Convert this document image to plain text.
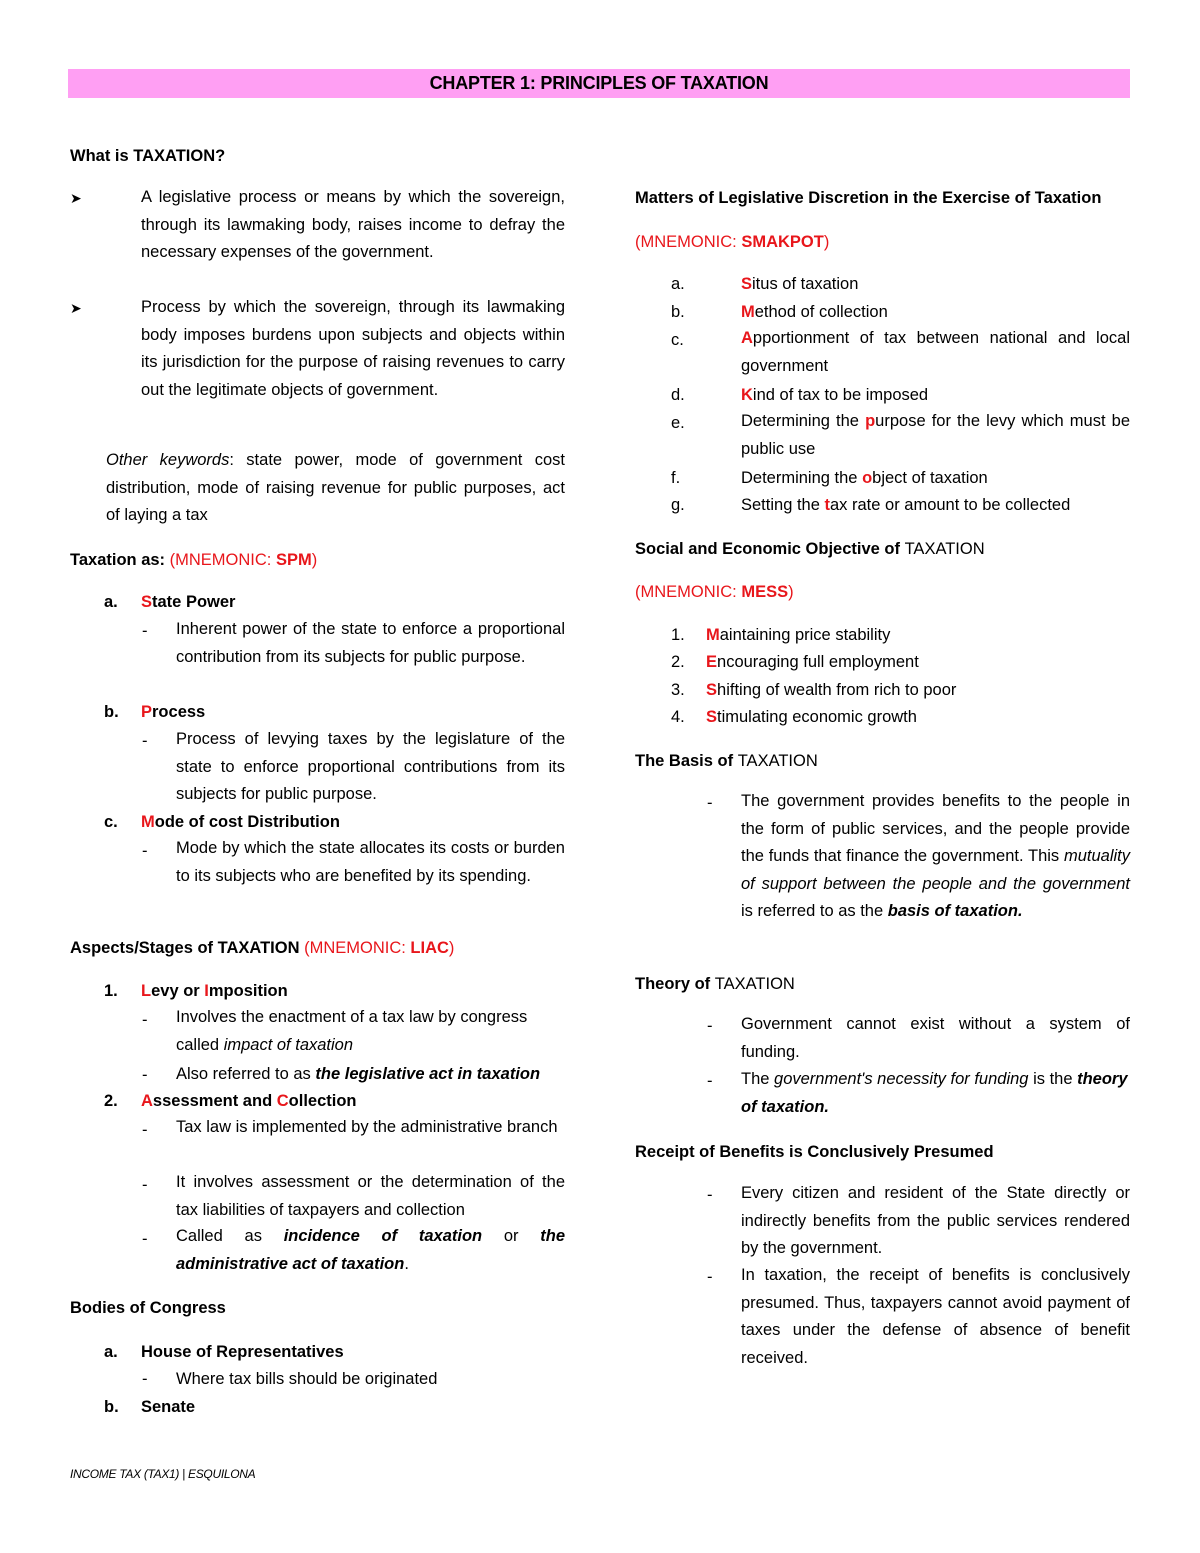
CHAPTER 1: PRINCIPLES OF TAXATION
What is TAXATION?
➤	A legislative process or means by which the sovereign, through its lawmaking body, raises income to defray the necessary expenses of the government.

➤	Process by which the sovereign, through its lawmaking body imposes burdens upon subjects and objects within its jurisdiction for the purpose of raising revenues to carry out the legitimate objects of government.

Other keywords: state power, mode of government cost distribution, mode of raising revenue for public purposes, act of laying a tax

Taxation as: (MNEMONIC: SPM)
a. State Power
- Inherent power of the state to enforce a proportional contribution from its subjects for public purpose.

b. Process
- Process of levying taxes by the legislature of the state to enforce proportional contributions from its subjects for public purpose.

c. Mode of cost Distribution
- Mode by which the state allocates its costs or burden to its subjects who are benefited by its spending.

Aspects/Stages of TAXATION (MNEMONIC: LIAC)
1. Levy or Imposition
- Involves the enactment of a tax law by congress called impact of taxation
- Also referred to as the legislative act in taxation
2. Assessment and Collection
- Tax law is implemented by the administrative branch

- It involves assessment or the determination of the tax liabilities of taxpayers and collection

- Called as incidence of taxation or the administrative act of taxation.

Bodies of Congress
a. House of Representatives
- Where tax bills should be originated
b. Senate
Matters of Legislative Discretion in the Exercise of Taxation
(MNEMONIC: SMAKPOT)
a.	Situs of taxation
b.	Method of collection
c.	Apportionment of tax between national and local government

d.	Kind of tax to be imposed
e.	Determining the purpose for the levy which must be public use

f.	Determining the object of taxation
g.	Setting the tax rate or amount to be collected
Social and Economic Objective of TAXATION
(MNEMONIC: MESS)
1. Maintaining price stability
2. Encouraging full employment
3. Shifting of wealth from rich to poor
4. Stimulating economic growth
The Basis of TAXATION
- The government provides benefits to the people in the form of public services, and the people provide the funds that finance the government. This mutuality of support between the people and the government is referred to as the basis of taxation.

Theory of TAXATION
- Government cannot exist without a system of funding.

- The government's necessity for funding is the theory of taxation.
Receipt of Benefits is Conclusively Presumed
- Every citizen and resident of the State directly or indirectly benefits from the public services rendered by the government.

- In taxation, the receipt of benefits is conclusively presumed. Thus, taxpayers cannot avoid payment of taxes under the defense of absence of benefit received.

INCOME TAX (TAX1) | ESQUILONA
